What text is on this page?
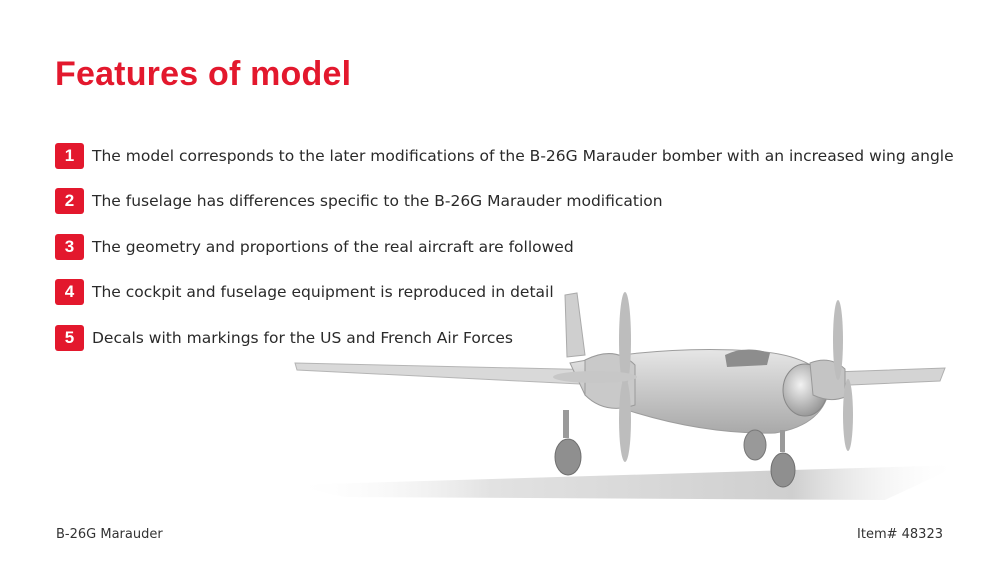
Features of model
1	The model corresponds to the later modifications of the B-26G Marauder bomber with an increased wing angle
2	The fuselage has differences specific to the B-26G Marauder modification
3	The geometry and proportions of the real aircraft are followed
4	The cockpit and fuselage equipment is reproduced in detail
5	Decals with markings for the US and French Air Forces
B-26G Marauder	Item# 48323
